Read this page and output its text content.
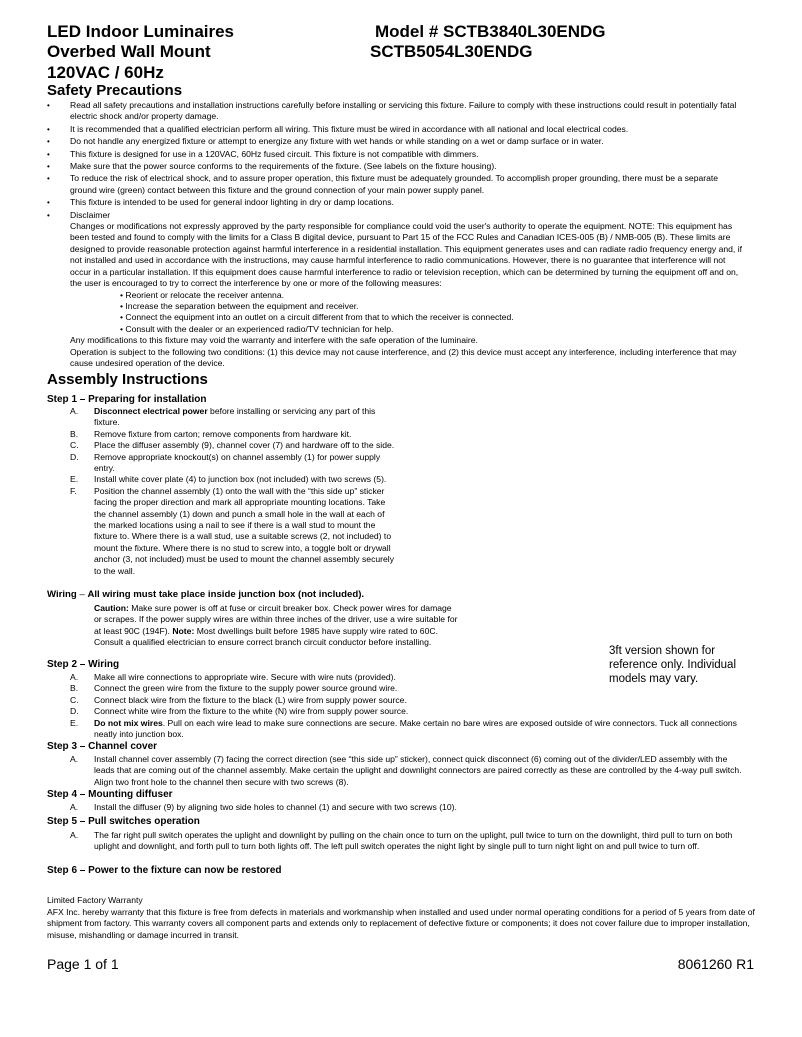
LED Indoor Luminaires	Model # SCTB3840L30ENDG
Overbed Wall Mount	SCTB5054L30ENDG
120VAC / 60Hz
Safety Precautions
• Read all safety precautions and installation instructions carefully before installing or servicing this fixture. Failure to comply with these instructions could result in potentially fatal electric shock and/or property damage.
• It is recommended that a qualified electrician perform all wiring. This fixture must be wired in accordance with all national and local electrical codes.
• Do not handle any energized fixture or attempt to energize any fixture with wet hands or while standing on a wet or damp surface or in water.
• This fixture is designed for use in a 120VAC, 60Hz fused circuit. This fixture is not compatible with dimmers.
• Make sure that the power source conforms to the requirements of the fixture. (See labels on the fixture housing).
• To reduce the risk of electrical shock, and to assure proper operation, this fixture must be adequately grounded. To accomplish proper grounding, there must be a separate ground wire (green) contact between this fixture and the ground connection of your main power supply panel.
• This fixture is intended to be used for general indoor lighting in dry or damp locations.
• Disclaimer
Changes or modifications not expressly approved by the party responsible for compliance could void the user's authority to operate the equipment. NOTE: This equipment has been tested and found to comply with the limits for a Class B digital device, pursuant to Part 15 of the FCC Rules and Canadian ICES-005 (B) / NMB-005 (B). These limits are designed to provide reasonable protection against harmful interference in a residential installation. This equipment generates uses and can radiate radio frequency energy and, if not installed and used in accordance with the instructions, may cause harmful interference to radio communications. However, there is no guarantee that interference will not occur in a particular installation. If this equipment does cause harmful interference to radio or television reception, which can be determined by turning the equipment off and on, the user is encouraged to try to correct the interference by one or more of the following measures:
• Reorient or relocate the receiver antenna.
• Increase the separation between the equipment and receiver.
• Connect the equipment into an outlet on a circuit different from that to which the receiver is connected.
• Consult with the dealer or an experienced radio/TV technician for help.
Any modifications to this fixture may void the warranty and interfere with the safe operation of the luminaire.
Operation is subject to the following two conditions: (1) this device may not cause interference, and (2) this device must accept any interference, including interference that may cause undesired operation of the device.
Assembly Instructions
Step 1 – Preparing for installation
A.	Disconnect electrical power before installing or servicing any part of this fixture.
B.	Remove fixture from carton; remove components from hardware kit.
C.	Place the diffuser assembly (9), channel cover (7) and hardware off to the side.
D.	Remove appropriate knockout(s) on channel assembly (1) for power supply entry.
E.	Install white cover plate (4) to junction box (not included) with two screws (5).
F.	Position the channel assembly (1) onto the wall with the “this side up” sticker facing the proper direction and mark all appropriate mounting locations. Take the channel assembly (1) down and punch a small hole in the wall at each of the marked locations using a nail to see if there is a wall stud to mount the fixture to. Where there is a wall stud, use a suitable screws (2, not included) to mount the fixture. Where there is no stud to screw into, a toggle bolt or drywall anchor (3, not included) must be used to mount the channel assembly securely to the wall.
Wiring – All wiring must take place inside junction box (not included).
Caution: Make sure power is off at fuse or circuit breaker box. Check power wires for damage or scrapes. If the power supply wires are within three inches of the driver, use a wire suitable for at least 90C (194F). Note: Most dwellings built before 1985 have supply wire rated to 60C. Consult a qualified electrician to ensure correct branch circuit conductor before installing.
3ft version shown for reference only. Individual models may vary.
Step 2 – Wiring
A.	Make all wire connections to appropriate wire. Secure with wire nuts (provided).
B.	Connect the green wire from the fixture to the supply power source ground wire.
C.	Connect black wire from the fixture to the black (L) wire from supply power source.
D.	Connect white wire from the fixture to the white (N) wire from supply power source.
E.	Do not mix wires. Pull on each wire lead to make sure connections are secure. Make certain no bare wires are exposed outside of wire connectors. Tuck all connections neatly into junction box.
Step 3 – Channel cover
A.	Install channel cover assembly (7) facing the correct direction (see “this side up” sticker), connect quick disconnect (6) coming out of the divider/LED assembly with the leads that are coming out of the channel assembly. Make certain the uplight and downlight connectors are paired correctly as these are controlled by the 4-way pull switch. Align two front hole to the channel then secure with two screws (8).
Step 4 – Mounting diffuser
A.	Install the diffuser (9) by aligning two side holes to channel (1) and secure with two screws (10).
Step 5 – Pull switches operation
A.	The far right pull switch operates the uplight and downlight by pulling on the chain once to turn on the uplight, pull twice to turn on the downlight, third pull to turn on both uplight and downlight, and forth pull to turn both lights off. The left pull switch operates the night light by single pull to turn night light on and pull twice to turn off.
Step 6 – Power to the fixture can now be restored
Limited Factory Warranty
AFX Inc. hereby warranty that this fixture is free from defects in materials and workmanship when installed and used under normal operating conditions for a period of 5 years from date of shipment from factory. This warranty covers all component parts and extends only to replacement of defective fixture or components; it does not cover failure due to improper installation, misuse, mishandling or damage incurred in transit.
Page 1 of 1	8061260 R1
